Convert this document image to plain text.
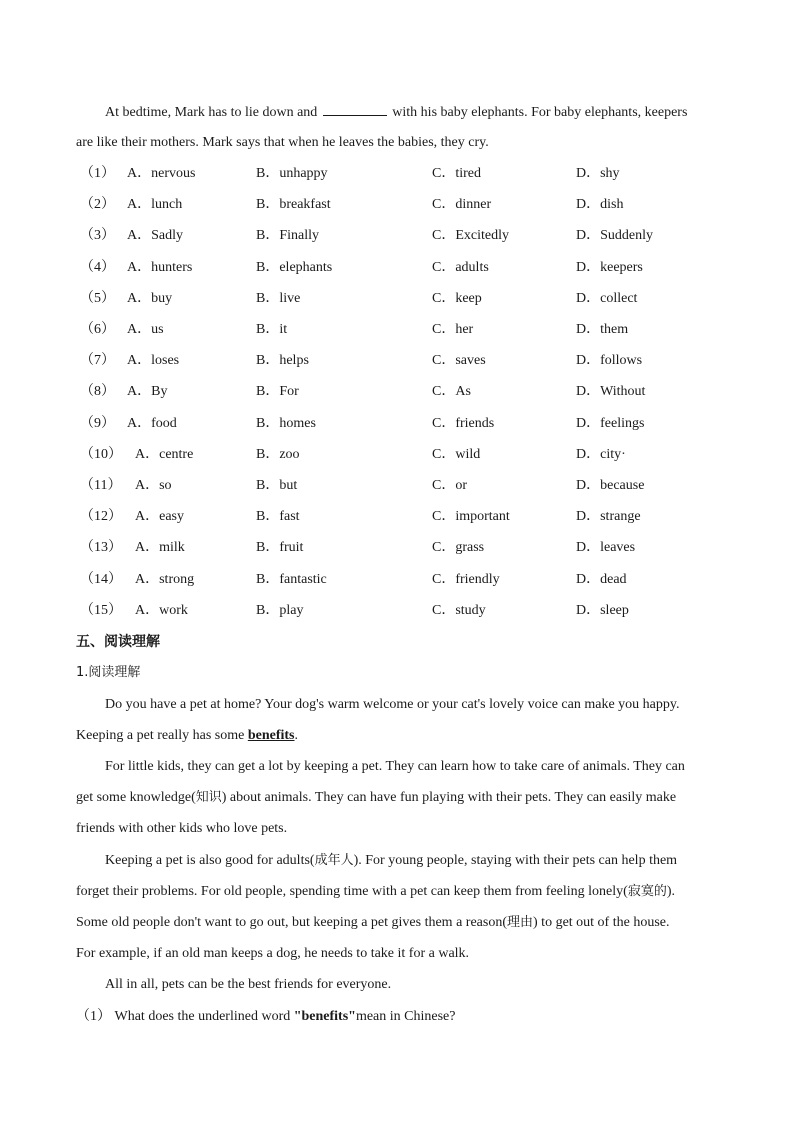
At bedtime, Mark has to lie down and	with his baby elephants. For baby elephants, keepers
are like their mothers. Mark says that when he leaves the babies, they cry.
（1） A．nervous	B．unhappy	C．tired	D．shy
（2） A．lunch	B．breakfast	C．dinner	D．dish
（3） A．Sadly	B．Finally	C．Excitedly	D．Suddenly
（4） A．hunters	B．elephants	C．adults	D．keepers
（5） A．buy	B．live	C．keep	D．collect
（6） A．us	B．it	C．her	D．them
（7） A．loses	B．helps	C．saves	D．follows
（8） A．By	B．For	C．As	D．Without
（9） A．food	B．homes	C．friends	D．feelings
（10） A．centre	B．zoo	C．wild	D．city·
（11） A．so	B．but	C．or	D．because
（12） A．easy	B．fast	C．important	D．strange
（13） A．milk	B．fruit	C．grass	D．leaves
（14） A．strong	B．fantastic	C．friendly	D．dead
（15） A．work	B．play	C．study	D．sleep
五、阅读理解
1.阅读理解
Do you have a pet at home? Your dog's warm welcome or your cat's lovely voice can make you happy.
Keeping a pet really has some benefits.
For little kids, they can get a lot by keeping a pet. They can learn how to take care of animals. They can
get some knowledge(知识) about animals. They can have fun playing with their pets. They can easily make
friends with other kids who love pets.
Keeping a pet is also good for adults(成年人). For young people, staying with their pets can help them
forget their problems. For old people, spending time with a pet can keep them from feeling lonely(寂寞的).
Some old people don't want to go out, but keeping a pet gives them a reason(理由) to get out of the house.
For example, if an old man keeps a dog, he needs to take it for a walk.
All in all, pets can be the best friends for everyone.
（1） What does the underlined word "benefits"mean in Chinese?
